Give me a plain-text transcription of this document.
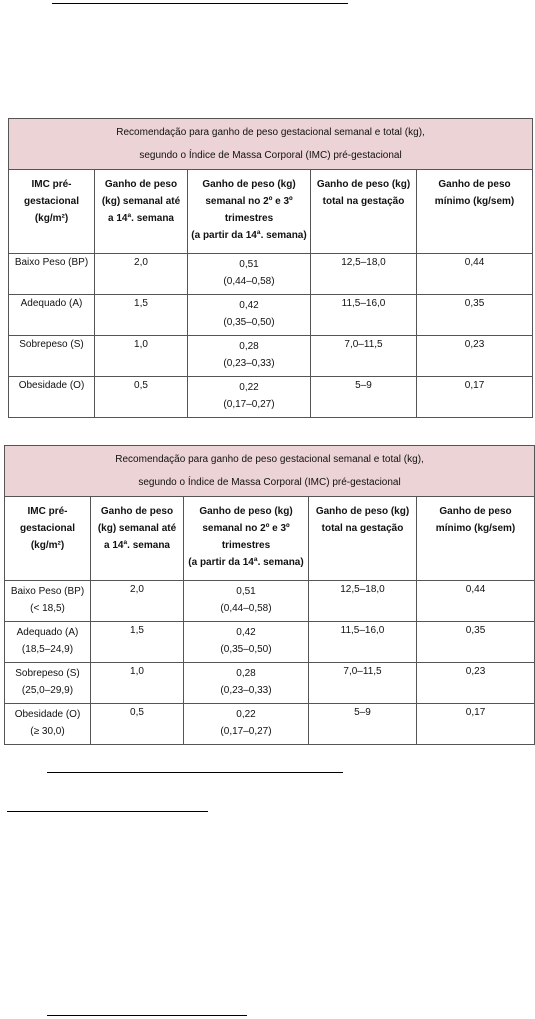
Recomendação para ganho de peso gestacional semanal e total (kg),
segundo o Índice de Massa Corporal (IMC) pré-gestacional				

IMC pré-
gestacional
(kg/m²)	Ganho de peso
(kg) semanal até
a 14ª. semana	Ganho de peso (kg)
semanal no 2º e 3º
trimestres
(a partir da 14ª. semana)	Ganho de peso (kg)
total na gestação	Ganho de peso
mínimo (kg/sem)

Baixo Peso (BP)	2,0	0,51
(0,44–0,58)	12,5–18,0	0,44
Adequado (A)	1,5	0,42
(0,35–0,50)	11,5–16,0	0,35
Sobrepeso (S)	1,0	0,28
(0,23–0,33)	7,0–11,5	0,23
Obesidade (O)	0,5	0,22
(0,17–0,27)	5–9	0,17
Recomendação para ganho de peso gestacional semanal e total (kg),
segundo o Índice de Massa Corporal (IMC) pré-gestacional				

IMC pré-
gestacional
(kg/m²)	Ganho de peso
(kg) semanal até
a 14ª. semana	Ganho de peso (kg)
semanal no 2º e 3º
trimestres
(a partir da 14ª. semana)	Ganho de peso (kg)
total na gestação	Ganho de peso
mínimo (kg/sem)

Baixo Peso (BP)
(< 18,5)	2,0	0,51
(0,44–0,58)	12,5–18,0	0,44

Adequado (A)
(18,5–24,9)	1,5	0,42
(0,35–0,50)	11,5–16,0	0,35

Sobrepeso (S)
(25,0–29,9)	1,0	0,28
(0,23–0,33)	7,0–11,5	0,23

Obesidade (O)
(≥ 30,0)	0,5	0,22
(0,17–0,27)	5–9	0,17
